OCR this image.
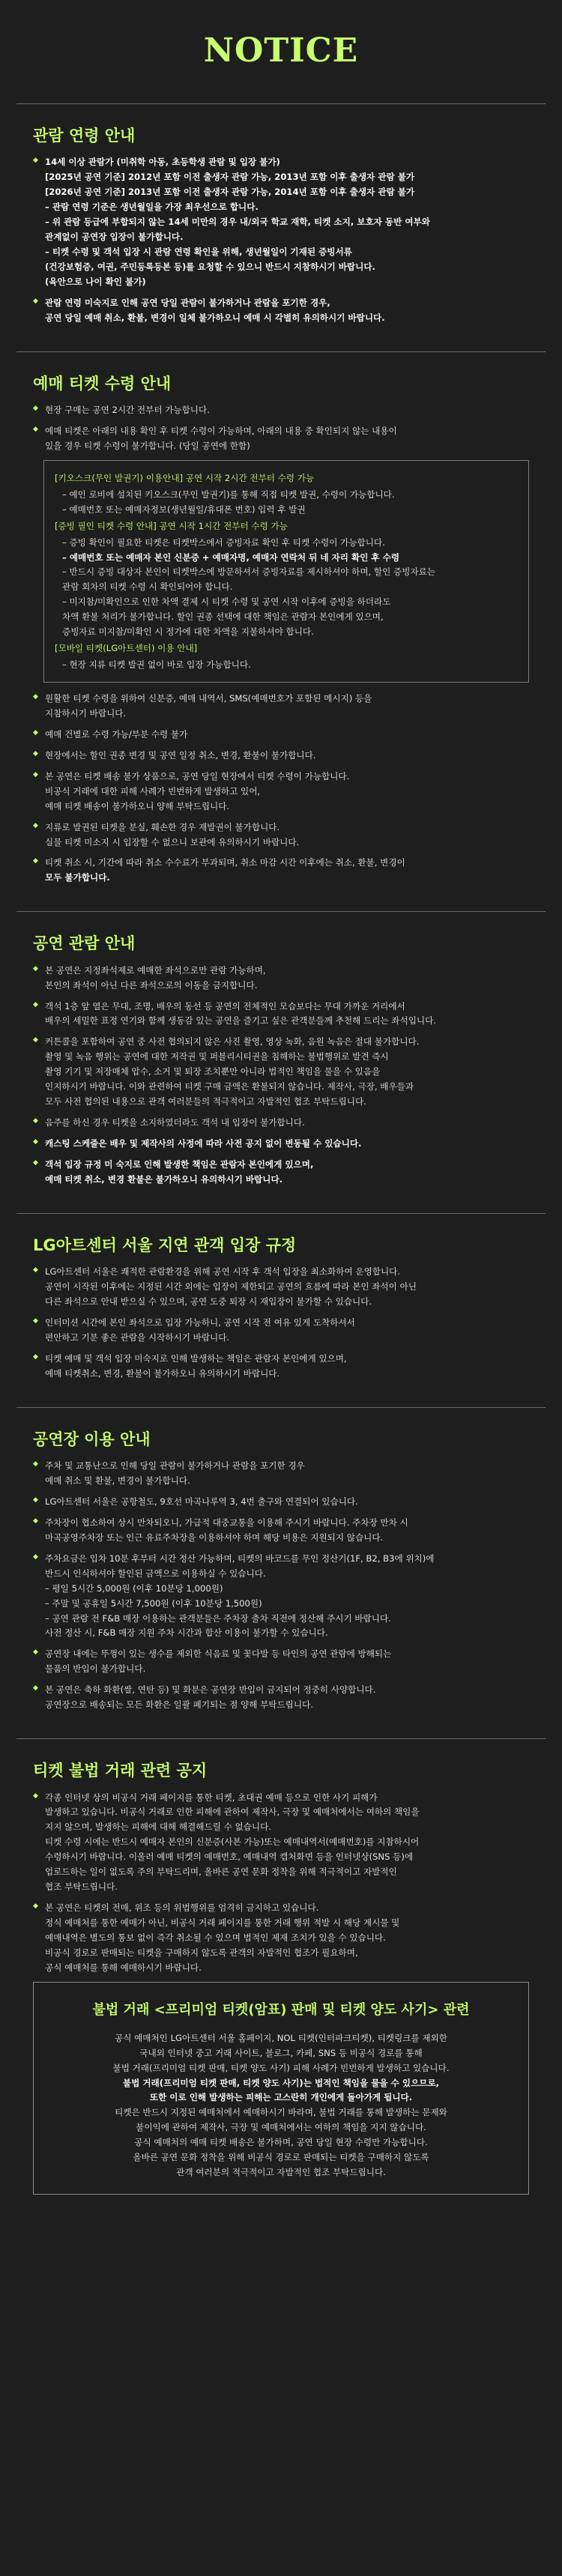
NOTICE
관람 연령 안내
◆ 14세 이상 관람가 (미취학 아동, 초등학생 관람 및 입장 불가)
[2025년 공연 기준] 2012년 포함 이전 출생자 관람 가능, 2013년 포함 이후 출생자 관람 불가
[2026년 공연 기준] 2013년 포함 이전 출생자 관람 가능, 2014년 포함 이후 출생자 관람 불가
– 관람 연령 기준은 생년월일을 가장 최우선으로 합니다.
– 위 관람 등급에 부합되지 않는 14세 미만의 경우 내/외국 학교 재학, 티켓 소지, 보호자 동반 여부와
관계없이 공연장 입장이 불가합니다.
– 티켓 수령 및 객석 입장 시 관람 연령 확인을 위해, 생년월일이 기재된 증빙서류
(건강보험증, 여권, 주민등록등본 등)를 요청할 수 있으니 반드시 지참하시기 바랍니다.
(육안으로 나이 확인 불가)
◆ 관람 연령 미숙지로 인해 공연 당일 관람이 불가하거나 관람을 포기한 경우,
공연 당일 예매 취소, 환불, 변경이 일체 불가하오니 예매 시 각별히 유의하시기 바랍니다.
예매 티켓 수령 안내
◆ 현장 구매는 공연 2시간 전부터 가능합니다.
◆ 예매 티켓은 아래의 내용 확인 후 티켓 수령이 가능하며, 아래의 내용 중 확인되지 않는 내용이
있을 경우 티켓 수령이 불가합니다. (당일 공연에 한함)
[키오스크(무인 발권기) 이용안내] 공연 시작 2시간 전부터 수령 가능
– 예인 로비에 설치된 키오스크(무인 발권기)를 통해 직접 티켓 발권, 수령이 가능합니다.
– 예매번호 또는 예매자정보(생년월일/휴대폰 번호) 입력 후 발권
[증빙 필인 티켓 수령 안내] 공연 시작 1시간 전부터 수령 가능
– 증빙 확인이 필요한 티켓은 티켓박스에서 증빙자료 확인 후 티켓 수령이 가능합니다.
– 예매번호 또는 예매자 본인 신분증 + 예매자명, 예매자 연락처 뒤 네 자리 확인 후 수령
– 반드시 증빙 대상자 본인이 티켓박스에 방문하셔서 증빙자료를 제시하셔야 하며, 할인 증빙자료는
관람 회차의 티켓 수령 시 확인되어야 합니다.
– 미지참/미확인으로 인한 차액 결제 시 티켓 수령 및 공연 시작 이후에 증빙을 하더라도
차액 환불 처리가 불가합니다. 할인 권종 선택에 대한 책임은 관람자 본인에게 있으며,
증빙자료 미지참/미확인 시 정가에 대한 차액을 지불하셔야 합니다.
[모바일 티켓(LG아트센터) 이용 안내]
– 현장 지류 티켓 발권 없이 바로 입장 가능합니다.
◆ 원활한 티켓 수령을 위하여 신분증, 예매 내역서, SMS(예매번호가 포함된 메시지) 등을
지참하시기 바랍니다.
◆ 예매 건별로 수령 가능/부분 수령 불가
◆ 현장에서는 할인 권종 변경 및 공연 일정 취소, 변경, 환불이 불가합니다.
◆ 본 공연은 티켓 배송 불가 상품으로, 공연 당일 현장에서 티켓 수령이 가능합니다.
비공식 거래에 대한 피해 사례가 빈번하게 발생하고 있어,
예매 티켓 배송이 불가하오니 양해 부탁드립니다.
◆ 지류로 발권된 티켓을 분실, 훼손한 경우 재발권이 불가합니다.
실물 티켓 미소지 시 입장할 수 없으니 보관에 유의하시기 바랍니다.
◆ 티켓 취소 시, 기간에 따라 취소 수수료가 부과되며, 취소 마감 시간 이후에는 취소, 환불, 변경이
모두 불가합니다.
공연 관람 안내
◆ 본 공연은 지정좌석제로 예매한 좌석으로만 관람 가능하며,
본인의 좌석이 아닌 다른 좌석으로의 이동을 금지합니다.
◆ 객석 1층 앞 열은 무대, 조명, 배우의 동선 등 공연의 전체적인 모습보다는 무대 가까운 거리에서
배우의 세밀한 표정 연기와 함께 생동감 있는 공연을 즐기고 싶은 관객분들께 추천해 드리는 좌석입니다.
◆ 커튼콜을 포함하여 공연 중 사전 협의되지 않은 사진 촬영, 영상 녹화, 음원 녹음은 절대 불가합니다.
촬영 및 녹음 행위는 공연에 대한 저작권 및 퍼블리시티권을 침해하는 불법행위로 발견 즉시
촬영 기기 및 저장매체 압수, 소거 및 퇴장 조치뿐만 아니라 법적인 책임을 물을 수 있음을
인지하시기 바랍니다. 이와 관련하여 티켓 구매 금액은 환불되지 않습니다. 제작사, 극장, 배우들과
모두 사전 협의된 내용으로 관객 여러분들의 적극적이고 자발적인 협조 부탁드립니다.
◆ 음주를 하신 경우 티켓을 소지하였더라도 객석 내 입장이 불가합니다.
◆ 캐스팅 스케줄은 배우 및 제작사의 사정에 따라 사전 공지 없이 변동될 수 있습니다.
◆ 객석 입장 규정 미 숙지로 인해 발생한 책임은 관람자 본인에게 있으며,
예매 티켓 취소, 변경 환불은 불가하오니 유의하시기 바랍니다.
LG아트센터 서울 지연 관객 입장 규정
◆ LG아트센터 서울은 쾌적한 관람환경을 위해 공연 시작 후 객석 입장을 최소화하여 운영합니다.
공연이 시작된 이후에는 지정된 시간 외에는 입장이 제한되고 공연의 흐름에 따라 본인 좌석이 아닌
다른 좌석으로 안내 받으실 수 있으며, 공연 도중 퇴장 시 재입장이 불가할 수 있습니다.
◆ 인터미션 시간에 본인 좌석으로 입장 가능하니, 공연 시작 전 여유 있게 도착하셔서
편안하고 기분 좋은 관람을 시작하시기 바랍니다.
◆ 티켓 예매 및 객석 입장 미숙지로 인해 발생하는 책임은 관람자 본인에게 있으며,
예매 티켓취소, 변경, 환불이 불가하오니 유의하시기 바랍니다.
공연장 이용 안내
◆ 주차 및 교통난으로 인해 당일 관람이 불가하거나 관람을 포기한 경우
예매 취소 및 환불, 변경이 불가합니다.
◆ LG아트센터 서울은 공항철도, 9호선 마곡나루역 3, 4번 출구와 연결되어 있습니다.
◆ 주차장이 협소하여 상시 만차되오니, 가급적 대중교통을 이용해 주시기 바랍니다. 주차장 만차 시
마곡공영주차장 또는 인근 유료주차장을 이용하셔야 하며 해당 비용은 지원되지 않습니다.
◆ 주차요금은 입차 10분 후부터 시간 정산 가능하며, 티켓의 바코드를 무인 정산기(1F, B2, B3에 위치)에
반드시 인식하셔야 할인된 금액으로 이용하실 수 있습니다.
– 평일 5시간 5,000원 (이후 10분당 1,000원)
– 주말 및 공휴일 5시간 7,500원 (이후 10분당 1,500원)
– 공연 관람 전 F&B 매장 이용하는 관객분들은 주차장 출차 직전에 정산해 주시기 바랍니다.
사전 정산 시, F&B 매장 지원 주차 시간과 합산 이용이 불가할 수 있습니다.
◆ 공연장 내에는 뚜껑이 있는 생수를 제외한 식음료 및 꽃다발 등 타인의 공연 관람에 방해되는
물품의 반입이 불가합니다.
◆ 본 공연은 축하 화환(쌀, 연탄 등) 및 화분은 공연장 반입이 금지되어 정중히 사양합니다.
공연장으로 배송되는 모든 화환은 일괄 폐기되는 점 양해 부탁드립니다.
티켓 불법 거래 관련 공지
◆ 각종 인터넷 상의 비공식 거래 페이지를 통한 티켓, 초대권 예매 등으로 인한 사기 피해가
발생하고 있습니다. 비공식 거래로 인한 피해에 관하여 제작사, 극장 및 예매처에서는 여하의 책임을
지지 않으며, 발생하는 피해에 대해 해결해드릴 수 없습니다.
티켓 수령 시에는 반드시 예매자 본인의 신분증(사본 가능)또는 예매내역서(예매번호)를 지참하시어
수령하시기 바랍니다. 이울러 예매 티켓의 예매번호, 예매내역 캡처화면 등을 인터넷상(SNS 등)에
업로드하는 일이 없도록 주의 부탁드리며, 올바른 공연 문화 정착을 위해 적극적이고 자발적인
협조 부탁드립니다.
◆ 본 공연은 티켓의 전매, 위조 등의 위법행위를 엄격히 금지하고 있습니다.
정식 예매처를 통한 예매가 아닌, 비공식 거래 페이지를 통한 거래 행위 적발 시 해당 계시물 및
예매내역은 별도의 통보 없이 즉각 취소될 수 있으며 법적인 제재 조치가 있을 수 있습니다.
비공식 경로로 판매되는 티켓을 구매하지 않도록 관객의 자발적인 협조가 필요하며,
공식 예매처를 통해 예매하시기 바랍니다.
불법 거래 <프리미엄 티켓(암표) 판매 및 티켓 양도 사기> 관련
공식 예매처인 LG아트센터 서울 홈페이지, NOL 티켓(인터파크티켓), 티켓링크를 제외한
국내외 인터넷 중고 거래 사이트, 블로그, 카페, SNS 등 비공식 경로를 통해
불법 거래(프리미엄 티켓 판매, 티켓 양도 사기) 피해 사례가 빈번하게 발생하고 있습니다.
불법 거래(프리미엄 티켓 판매, 티켓 양도 사기)는 법적인 책임을 물을 수 있으므로,
또한 이로 인해 발생하는 피해는 고스란히 개인에게 돌아가게 됩니다.
티켓은 반드시 지정된 예매처에서 예매하시기 바라며, 불법 거래를 통해 발생하는 문제와
불이익에 관하여 제작사, 극장 및 예매처에서는 여하의 책임을 지지 않습니다.
공식 예매처의 예매 티켓 배송은 불가하며, 공연 당일 현장 수령만 가능합니다.
올바른 공연 문화 정착을 위해 비공식 경로로 판매되는 티켓을 구매하지 않도록
관객 여러분의 적극적이고 자발적인 협조 부탁드립니다.
